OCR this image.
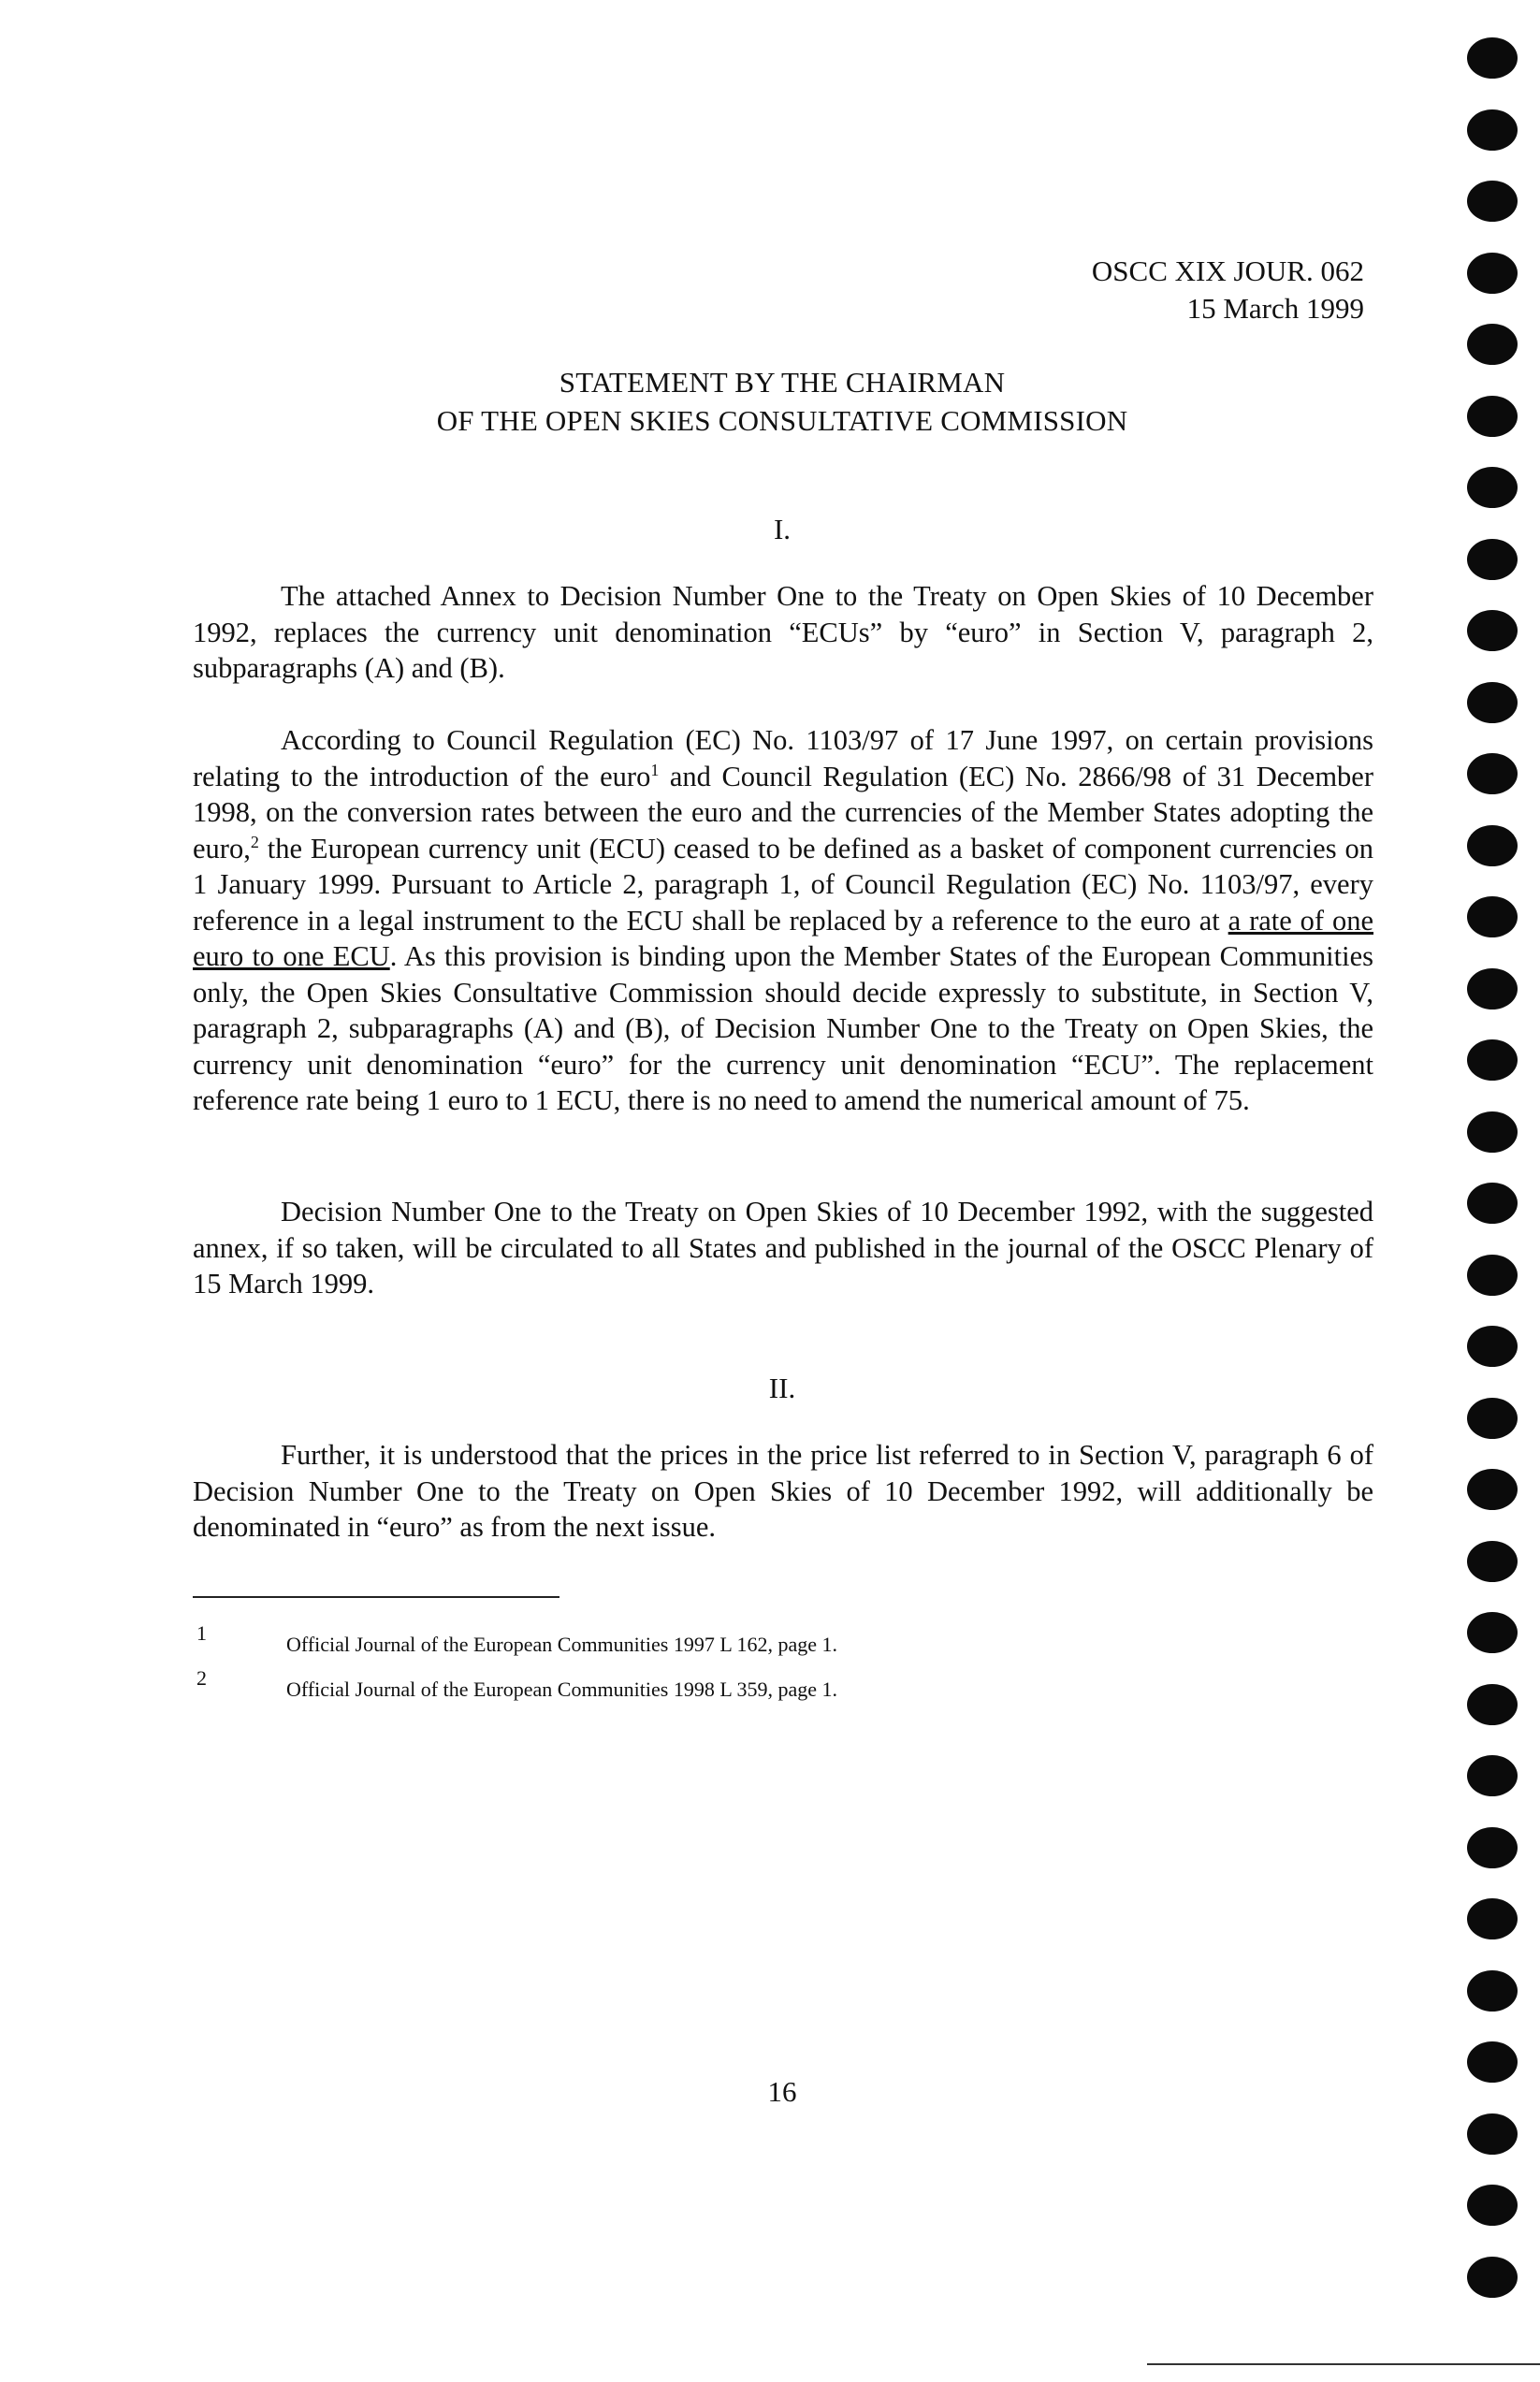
OSCC XIX JOUR. 062
15 March 1999
STATEMENT BY THE CHAIRMAN
OF THE OPEN SKIES CONSULTATIVE COMMISSION
I.

The attached Annex to Decision Number One to the Treaty on Open Skies of 10 December 1992, replaces the currency unit denomination “ECUs” by “euro” in Section V, paragraph 2, subparagraphs (A) and (B).

According to Council Regulation (EC) No. 1103/97 of 17 June 1997, on certain provisions relating to the introduction of the euro$^1$ and Council Regulation (EC) No. 2866/98 of 31 December 1998, on the conversion rates between the euro and the currencies of the Member States adopting the euro,$^2$ the European currency unit (ECU) ceased to be defined as a basket of component currencies on 1 January 1999. Pursuant to Article 2, paragraph 1, of Council Regulation (EC) No. 1103/97, every reference in a legal instrument to the ECU shall be replaced by a reference to the euro at a rate of one euro to one ECU. As this provision is binding upon the Member States of the European Communities only, the Open Skies Consultative Commission should decide expressly to substitute, in Section V, paragraph 2, subparagraphs (A) and (B), of Decision Number One to the Treaty on Open Skies, the currency unit denomination “euro” for the currency unit denomination “ECU”. The replacement reference rate being 1 euro to 1 ECU, there is no need to amend the numerical amount of 75.

Decision Number One to the Treaty on Open Skies of 10 December 1992, with the suggested annex, if so taken, will be circulated to all States and published in the journal of the OSCC Plenary of 15 March 1999.

II.

Further, it is understood that the prices in the price list referred to in Section V, paragraph 6 of Decision Number One to the Treaty on Open Skies of 10 December 1992, will additionally be denominated in “euro” as from the next issue.

1	Official Journal of the European Communities 1997 L 162, page 1.
2	Official Journal of the European Communities 1998 L 359, page 1.
16
